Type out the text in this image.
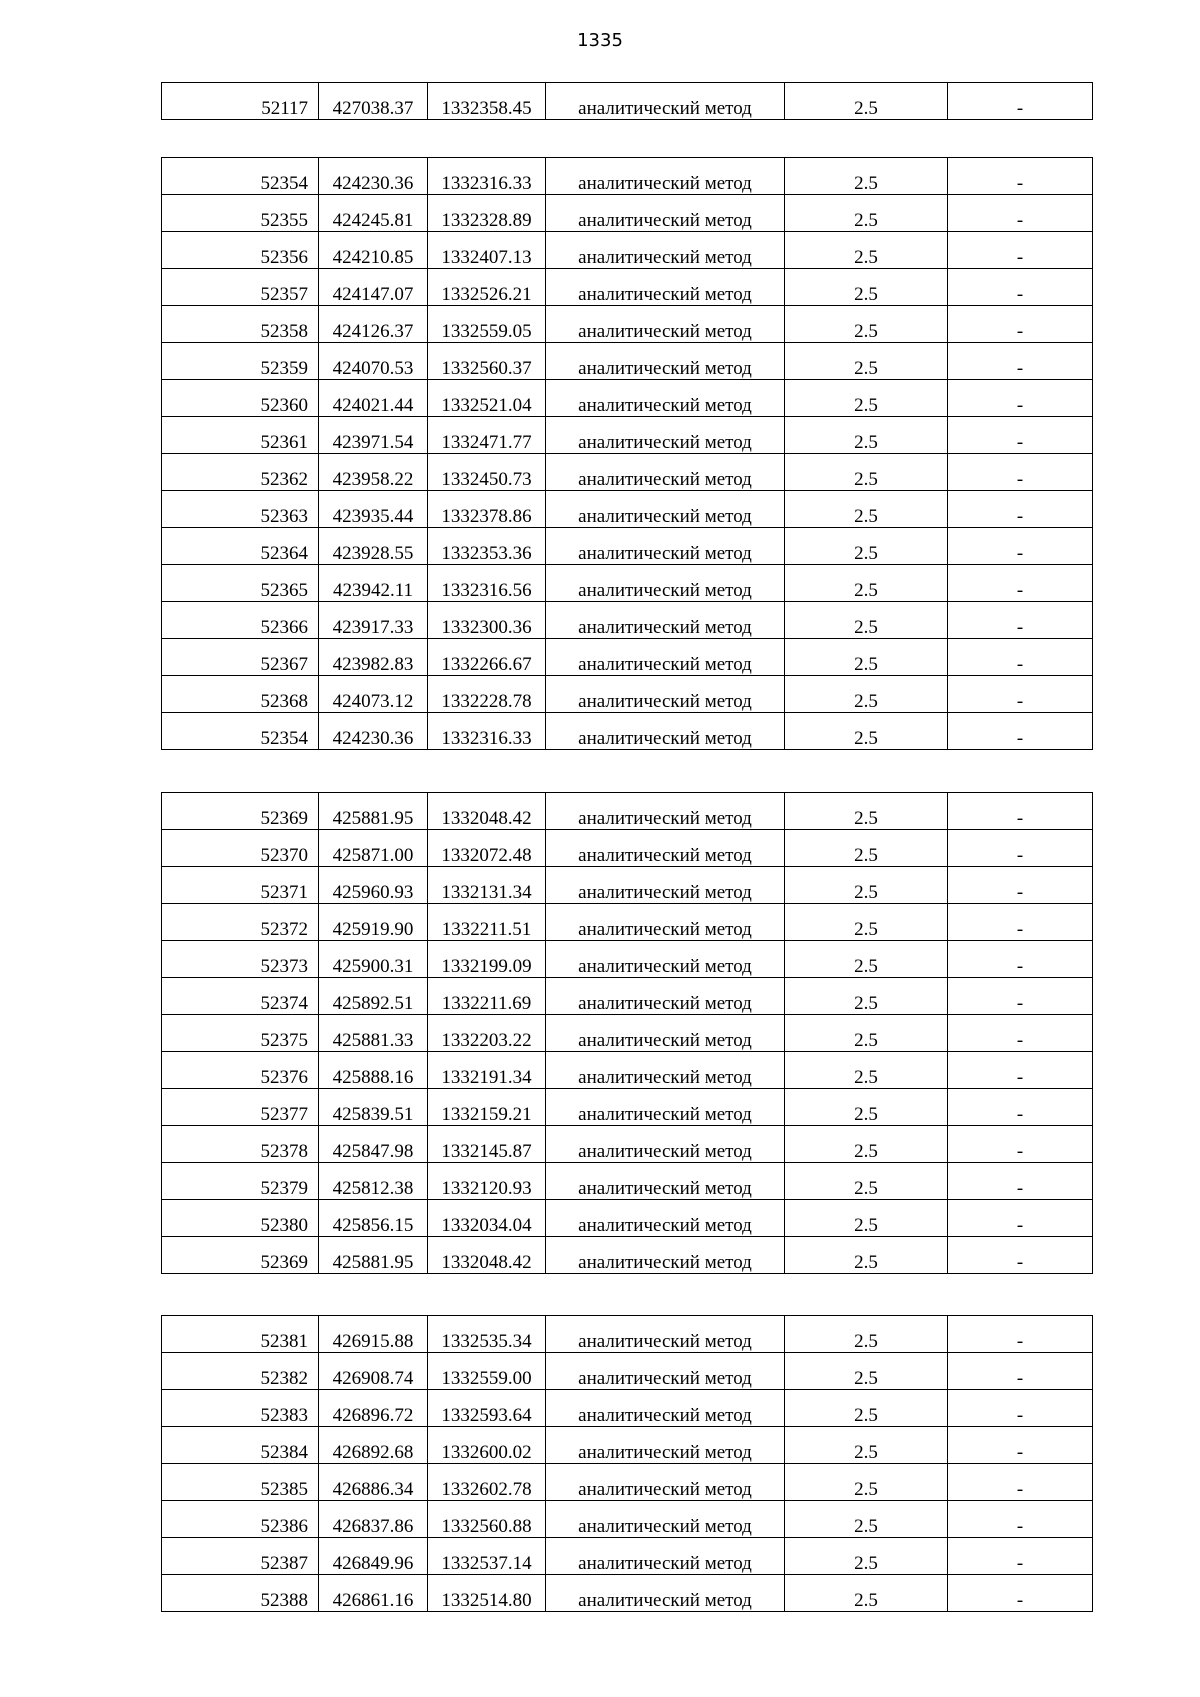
1335
52117	427038.37	1332358.45	аналитический метод	2.5	-
52354	424230.36	1332316.33	аналитический метод	2.5	-
52355	424245.81	1332328.89	аналитический метод	2.5	-
52356	424210.85	1332407.13	аналитический метод	2.5	-
52357	424147.07	1332526.21	аналитический метод	2.5	-
52358	424126.37	1332559.05	аналитический метод	2.5	-
52359	424070.53	1332560.37	аналитический метод	2.5	-
52360	424021.44	1332521.04	аналитический метод	2.5	-
52361	423971.54	1332471.77	аналитический метод	2.5	-
52362	423958.22	1332450.73	аналитический метод	2.5	-
52363	423935.44	1332378.86	аналитический метод	2.5	-
52364	423928.55	1332353.36	аналитический метод	2.5	-
52365	423942.11	1332316.56	аналитический метод	2.5	-
52366	423917.33	1332300.36	аналитический метод	2.5	-
52367	423982.83	1332266.67	аналитический метод	2.5	-
52368	424073.12	1332228.78	аналитический метод	2.5	-
52354	424230.36	1332316.33	аналитический метод	2.5	-
52369	425881.95	1332048.42	аналитический метод	2.5	-
52370	425871.00	1332072.48	аналитический метод	2.5	-
52371	425960.93	1332131.34	аналитический метод	2.5	-
52372	425919.90	1332211.51	аналитический метод	2.5	-
52373	425900.31	1332199.09	аналитический метод	2.5	-
52374	425892.51	1332211.69	аналитический метод	2.5	-
52375	425881.33	1332203.22	аналитический метод	2.5	-
52376	425888.16	1332191.34	аналитический метод	2.5	-
52377	425839.51	1332159.21	аналитический метод	2.5	-
52378	425847.98	1332145.87	аналитический метод	2.5	-
52379	425812.38	1332120.93	аналитический метод	2.5	-
52380	425856.15	1332034.04	аналитический метод	2.5	-
52369	425881.95	1332048.42	аналитический метод	2.5	-
52381	426915.88	1332535.34	аналитический метод	2.5	-
52382	426908.74	1332559.00	аналитический метод	2.5	-
52383	426896.72	1332593.64	аналитический метод	2.5	-
52384	426892.68	1332600.02	аналитический метод	2.5	-
52385	426886.34	1332602.78	аналитический метод	2.5	-
52386	426837.86	1332560.88	аналитический метод	2.5	-
52387	426849.96	1332537.14	аналитический метод	2.5	-
52388	426861.16	1332514.80	аналитический метод	2.5	-
